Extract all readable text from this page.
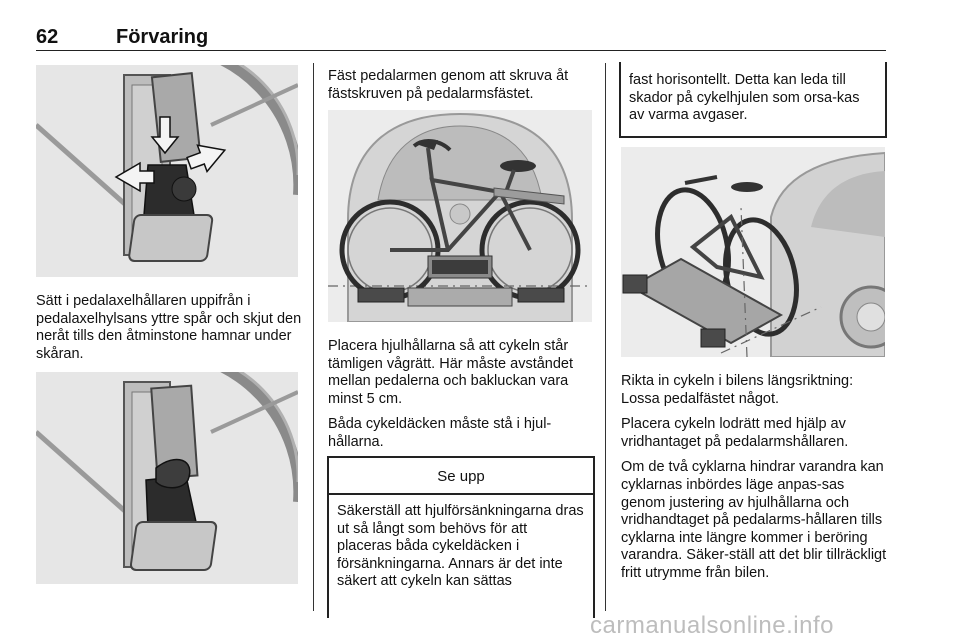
62	Förvaring

Sätt i pedalaxelhållaren uppifrån i pedalaxelhylsans yttre spår och skjut den neråt tills den åtminstone hamnar under skåran.

Fäst pedalarmen genom att skruva åt fästskruven på pedalarmsfästet.

Placera hjulhållarna så att cykeln står tämligen vågrätt. Här måste avståndet mellan pedalerna och bakluckan vara minst 5 cm.

Båda cykeldäcken måste stå i hjul-hållarna.

Se upp
Säkerställ att hjulförsänkningarna dras ut så långt som behövs för att placeras båda cykeldäcken i försänkningarna. Annars är det inte säkert att cykeln kan sättas
fast horisontellt. Detta kan leda till skador på cykelhjulen som orsa-kas av varma avgaser.

Rikta in cykeln i bilens längsriktning: Lossa pedalfästet något.

Placera cykeln lodrätt med hjälp av vridhantaget på pedalarmshållaren.

Om de två cyklarna hindrar varandra kan cyklarnas inbördes läge anpas-sas genom justering av hjulhållarna och vridhandtaget på pedalarms-hållaren tills cyklarna inte längre kommer i beröring varandra. Säker-ställ att det blir tillräckligt fritt utrymme från bilen.

carmanualsonline.info
